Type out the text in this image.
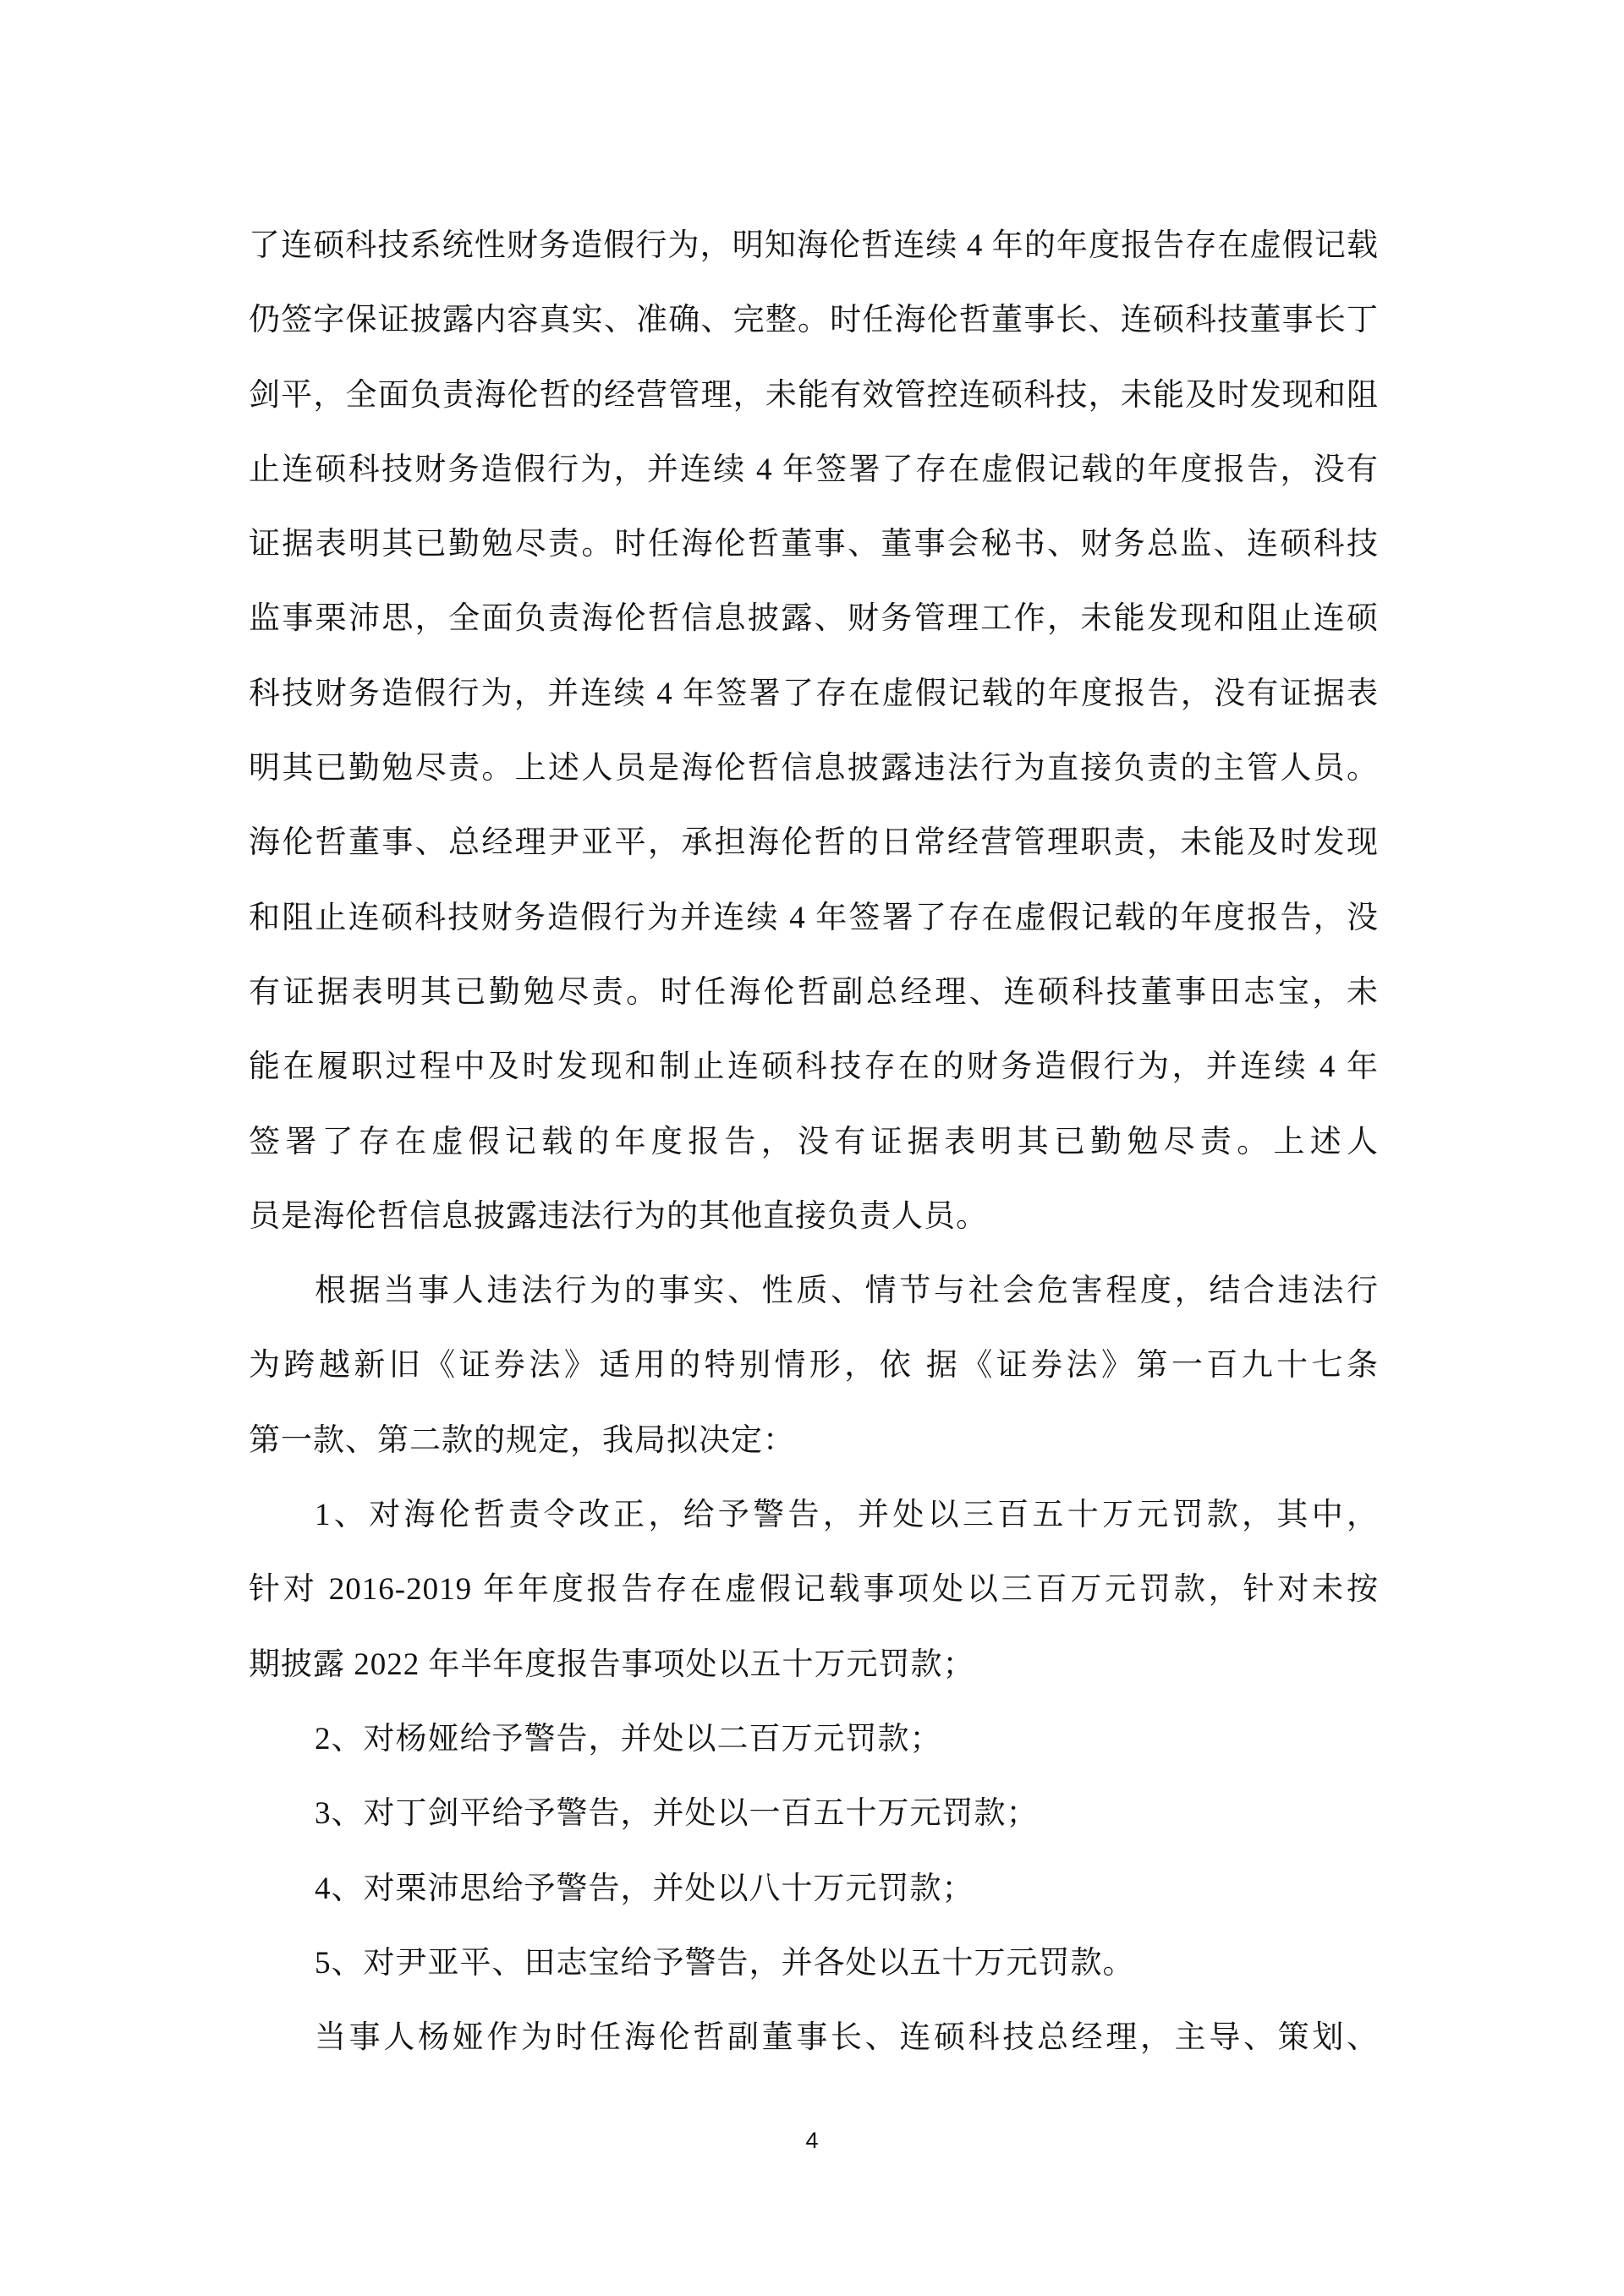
了连硕科技系统性财务造假行为，明知海伦哲连续 4 年的年度报告存在虚假记载
仍签字保证披露内容真实、准确、完整。时任海伦哲董事长、连硕科技董事长丁
剑平，全面负责海伦哲的经营管理，未能有效管控连硕科技，未能及时发现和阻
止连硕科技财务造假行为，并连续 4 年签署了存在虚假记载的年度报告，没有
证据表明其已勤勉尽责。时任海伦哲董事、董事会秘书、财务总监、连硕科技
监事栗沛思，全面负责海伦哲信息披露、财务管理工作，未能发现和阻止连硕
科技财务造假行为，并连续 4 年签署了存在虚假记载的年度报告，没有证据表
明其已勤勉尽责。上述人员是海伦哲信息披露违法行为直接负责的主管人员。
海伦哲董事、总经理尹亚平，承担海伦哲的日常经营管理职责，未能及时发现
和阻止连硕科技财务造假行为并连续 4 年签署了存在虚假记载的年度报告，没
有证据表明其已勤勉尽责。时任海伦哲副总经理、连硕科技董事田志宝，未
能在履职过程中及时发现和制止连硕科技存在的财务造假行为，并连续 4 年
签署了存在虚假记载的年度报告，没有证据表明其已勤勉尽责。上述人
员是海伦哲信息披露违法行为的其他直接负责人员。
根据当事人违法行为的事实、性质、情节与社会危害程度，结合违法行
为跨越新旧《证券法》适用的特别情形，依 据《证券法》第一百九十七条
第一款、第二款的规定，我局拟决定：
1、对海伦哲责令改正，给予警告，并处以三百五十万元罚款，其中，
针对 2016-2019 年年度报告存在虚假记载事项处以三百万元罚款，针对未按
期披露 2022 年半年度报告事项处以五十万元罚款；
2、对杨娅给予警告，并处以二百万元罚款；
3、对丁剑平给予警告，并处以一百五十万元罚款；
4、对栗沛思给予警告，并处以八十万元罚款；
5、对尹亚平、田志宝给予警告，并各处以五十万元罚款。
当事人杨娅作为时任海伦哲副董事长、连硕科技总经理，主导、策划、
4
